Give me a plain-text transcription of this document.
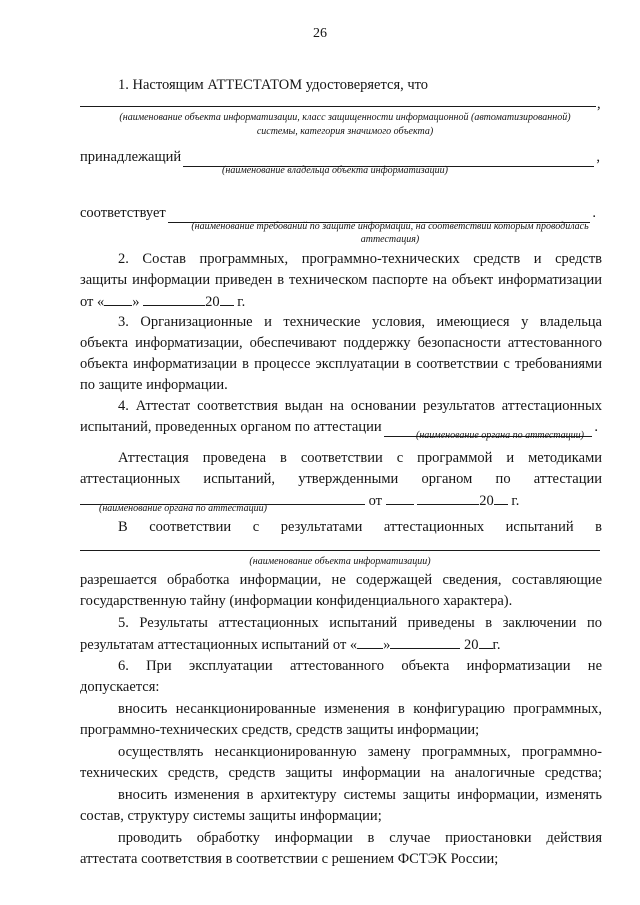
26
1. Настоящим АТТЕСТАТОМ удостоверяется, что
,
(наименование объекта информатизации, класс защищенности информационной (автоматизированной)
системы, категория значимого объекта)
принадлежащий	,
(наименование владельца объекта информатизации)
соответствует	.
(наименование требований по защите информации, на соответствии которым проводилась
аттестация)
2. Состав программных, программно-технических средств и средств
защиты информации приведен в техническом паспорте на объект информатизации
от « »	20 г.
3. Организационные и технические условия, имеющиеся у владельца
объекта информатизации, обеспечивают поддержку безопасности аттестованного
объекта информатизации в процессе эксплуатации в соответствии с требованиями
по защите информации.
4. Аттестат соответствия выдан на основании результатов аттестационных
испытаний, проведенных органом по аттестации	.
(наименование органа по аттестации)
Аттестация проведена в соответствии с программой и методиками
аттестационных испытаний, утвержденными органом по аттестации
от	20 г.
(наименование органа по аттестации)
В соответствии с результатами аттестационных испытаний в
(наименование объекта информатизации)
разрешается обработка информации, не содержащей сведения, составляющие
государственную тайну (информации конфиденциального характера).
5. Результаты аттестационных испытаний приведены в заключении по
результатам аттестационных испытаний от « »	20 г.
6. При эксплуатации аттестованного объекта информатизации не
допускается:
вносить несанкционированные изменения в конфигурацию программных,
программно-технических средств, средств защиты информации;
осуществлять несанкционированную замену программных, программно-
технических средств, средств защиты информации на аналогичные средства;
вносить изменения в архитектуру системы защиты информации, изменять
состав, структуру системы защиты информации;
проводить обработку информации в случае приостановки действия
аттестата соответствия в соответствии с решением ФСТЭК России;
